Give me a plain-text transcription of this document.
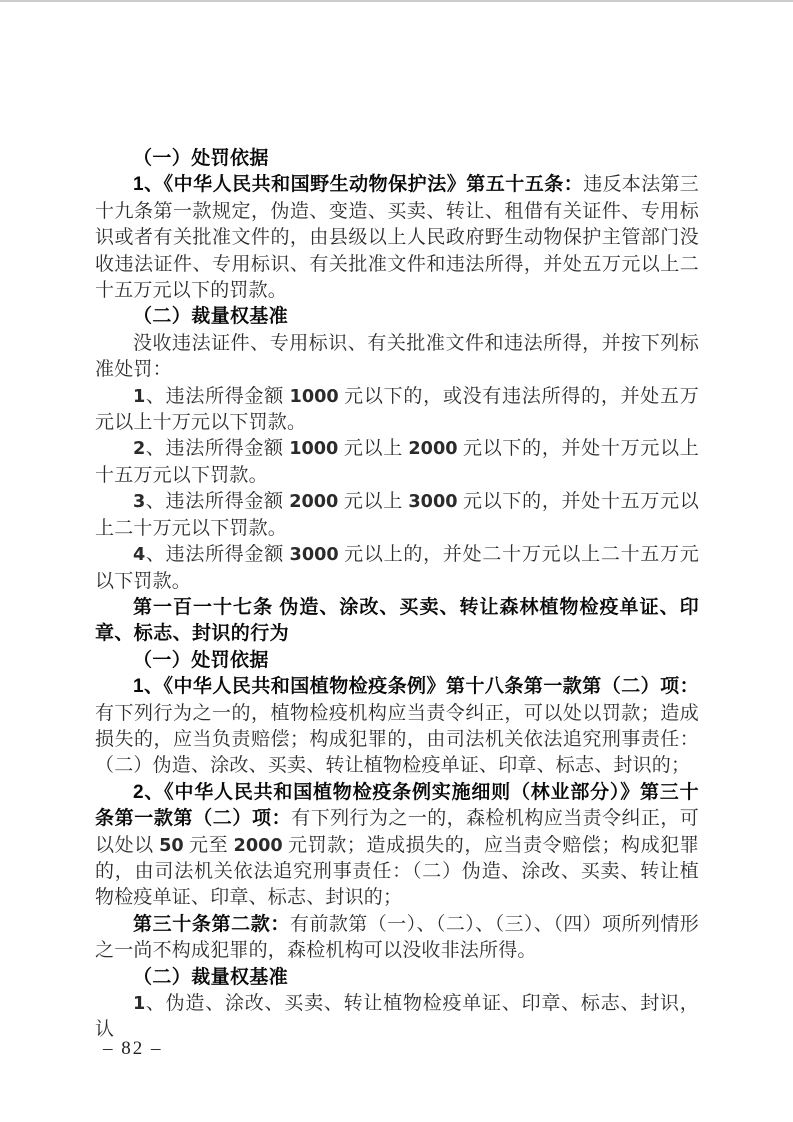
（一）处罚依据

1、《中华人民共和国野生动物保护法》第五十五条：违反本法第三十九条第一款规定，伪造、变造、买卖、转让、租借有关证件、专用标识或者有关批准文件的，由县级以上人民政府野生动物保护主管部门没收违法证件、专用标识、有关批准文件和违法所得，并处五万元以上二十五万元以下的罚款。

（二）裁量权基准

没收违法证件、专用标识、有关批准文件和违法所得，并按下列标准处罚：

1、违法所得金额 1000 元以下的，或没有违法所得的，并处五万元以上十万元以下罚款。

2、违法所得金额 1000 元以上 2000 元以下的，并处十万元以上十五万元以下罚款。

3、违法所得金额 2000 元以上 3000 元以下的，并处十五万元以上二十万元以下罚款。

4、违法所得金额 3000 元以上的，并处二十万元以上二十五万元以下罚款。

第一百一十七条 伪造、涂改、买卖、转让森林植物检疫单证、印章、标志、封识的行为

（一）处罚依据

1、《中华人民共和国植物检疫条例》第十八条第一款第（二）项：有下列行为之一的，植物检疫机构应当责令纠正，可以处以罚款；造成损失的，应当负责赔偿；构成犯罪的，由司法机关依法追究刑事责任：（二）伪造、涂改、买卖、转让植物检疫单证、印章、标志、封识的；

2、《中华人民共和国植物检疫条例实施细则（林业部分）》第三十条第一款第（二）项：有下列行为之一的，森检机构应当责令纠正，可以处以 50 元至 2000 元罚款；造成损失的，应当责令赔偿；构成犯罪的，由司法机关依法追究刑事责任：（二）伪造、涂改、买卖、转让植物检疫单证、印章、标志、封识的；

第三十条第二款：有前款第（一）、（二）、（三）、（四）项所列情形之一尚不构成犯罪的，森检机构可以没收非法所得。

（二）裁量权基准

1、伪造、涂改、买卖、转让植物检疫单证、印章、标志、封识，认

– 82 –
